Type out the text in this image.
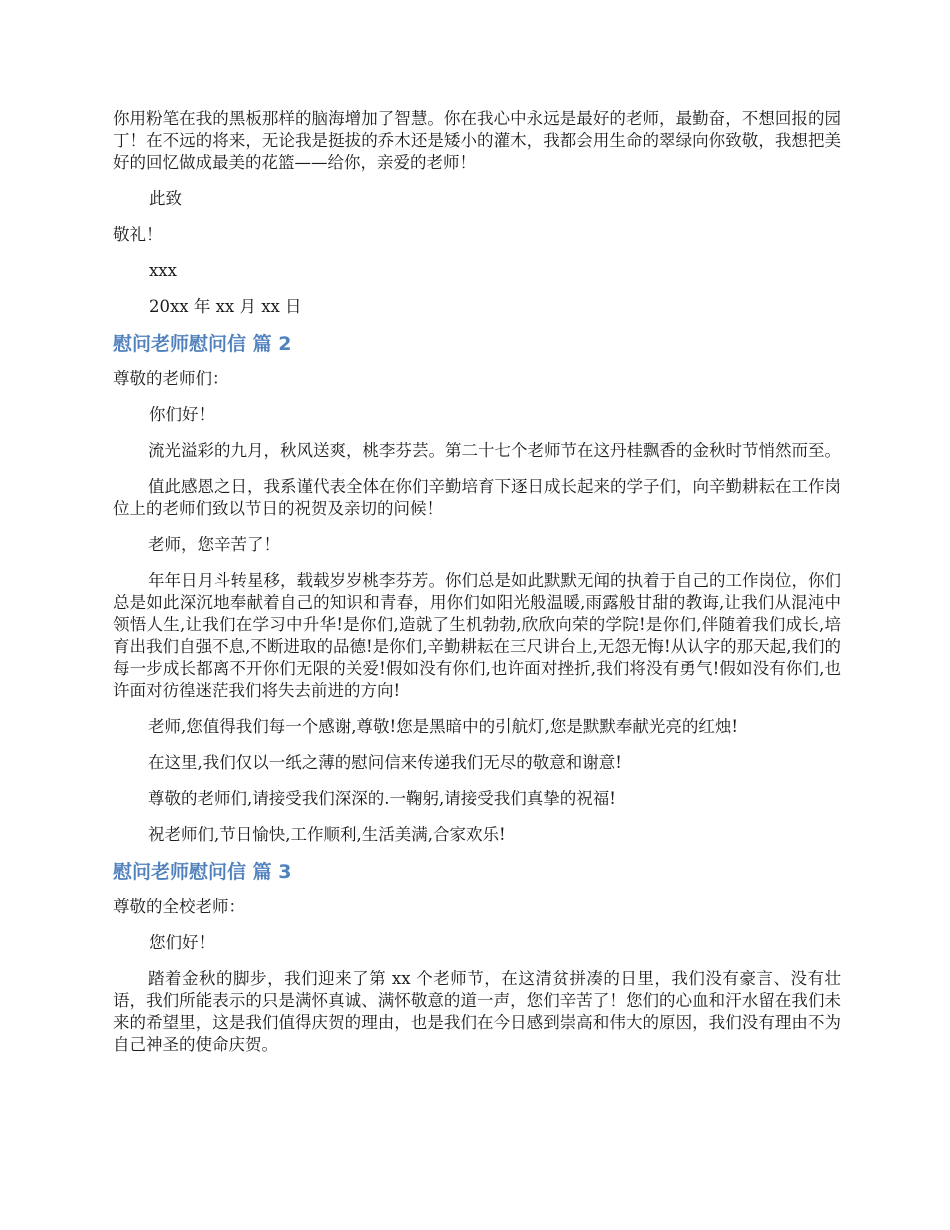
你用粉笔在我的黑板那样的脑海增加了智慧。你在我心中永远是最好的老师，最勤奋，不想回报的园丁！在不远的将来，无论我是挺拔的乔木还是矮小的灌木，我都会用生命的翠绿向你致敬，我想把美好的回忆做成最美的花篮——给你，亲爱的老师！

此致

敬礼！

xxx

20xx 年 xx 月 xx 日

慰问老师慰问信 篇 2

尊敬的老师们：

你们好！

流光溢彩的九月，秋风送爽，桃李芬芸。第二十七个老师节在这丹桂飘香的金秋时节悄然而至。

值此感恩之日，我系谨代表全体在你们辛勤培育下逐日成长起来的学子们，向辛勤耕耘在工作岗位上的老师们致以节日的祝贺及亲切的问候！

老师，您辛苦了！

年年日月斗转星移，载载岁岁桃李芬芳。你们总是如此默默无闻的执着于自己的工作岗位，你们总是如此深沉地奉献着自己的知识和青春，用你们如阳光般温暖,雨露般甘甜的教诲,让我们从混沌中领悟人生,让我们在学习中升华!是你们,造就了生机勃勃,欣欣向荣的学院!是你们,伴随着我们成长,培育出我们自强不息,不断进取的品德!是你们,辛勤耕耘在三尺讲台上,无怨无悔!从认字的那天起,我们的每一步成长都离不开你们无限的关爱!假如没有你们,也许面对挫折,我们将没有勇气!假如没有你们,也许面对彷徨迷茫我们将失去前进的方向!

老师,您值得我们每一个感谢,尊敬!您是黑暗中的引航灯,您是默默奉献光亮的红烛!

在这里,我们仅以一纸之薄的慰问信来传递我们无尽的敬意和谢意!

尊敬的老师们,请接受我们深深的.一鞠躬,请接受我们真挚的祝福!

祝老师们,节日愉快,工作顺利,生活美满,合家欢乐!

慰问老师慰问信 篇 3

尊敬的全校老师：

您们好！

踏着金秋的脚步，我们迎来了第 xx 个老师节，在这清贫拼凑的日里，我们没有豪言、没有壮语，我们所能表示的只是满怀真诚、满怀敬意的道一声，您们辛苦了！您们的心血和汗水留在我们未来的希望里，这是我们值得庆贺的理由，也是我们在今日感到崇高和伟大的原因，我们没有理由不为自己神圣的使命庆贺。
